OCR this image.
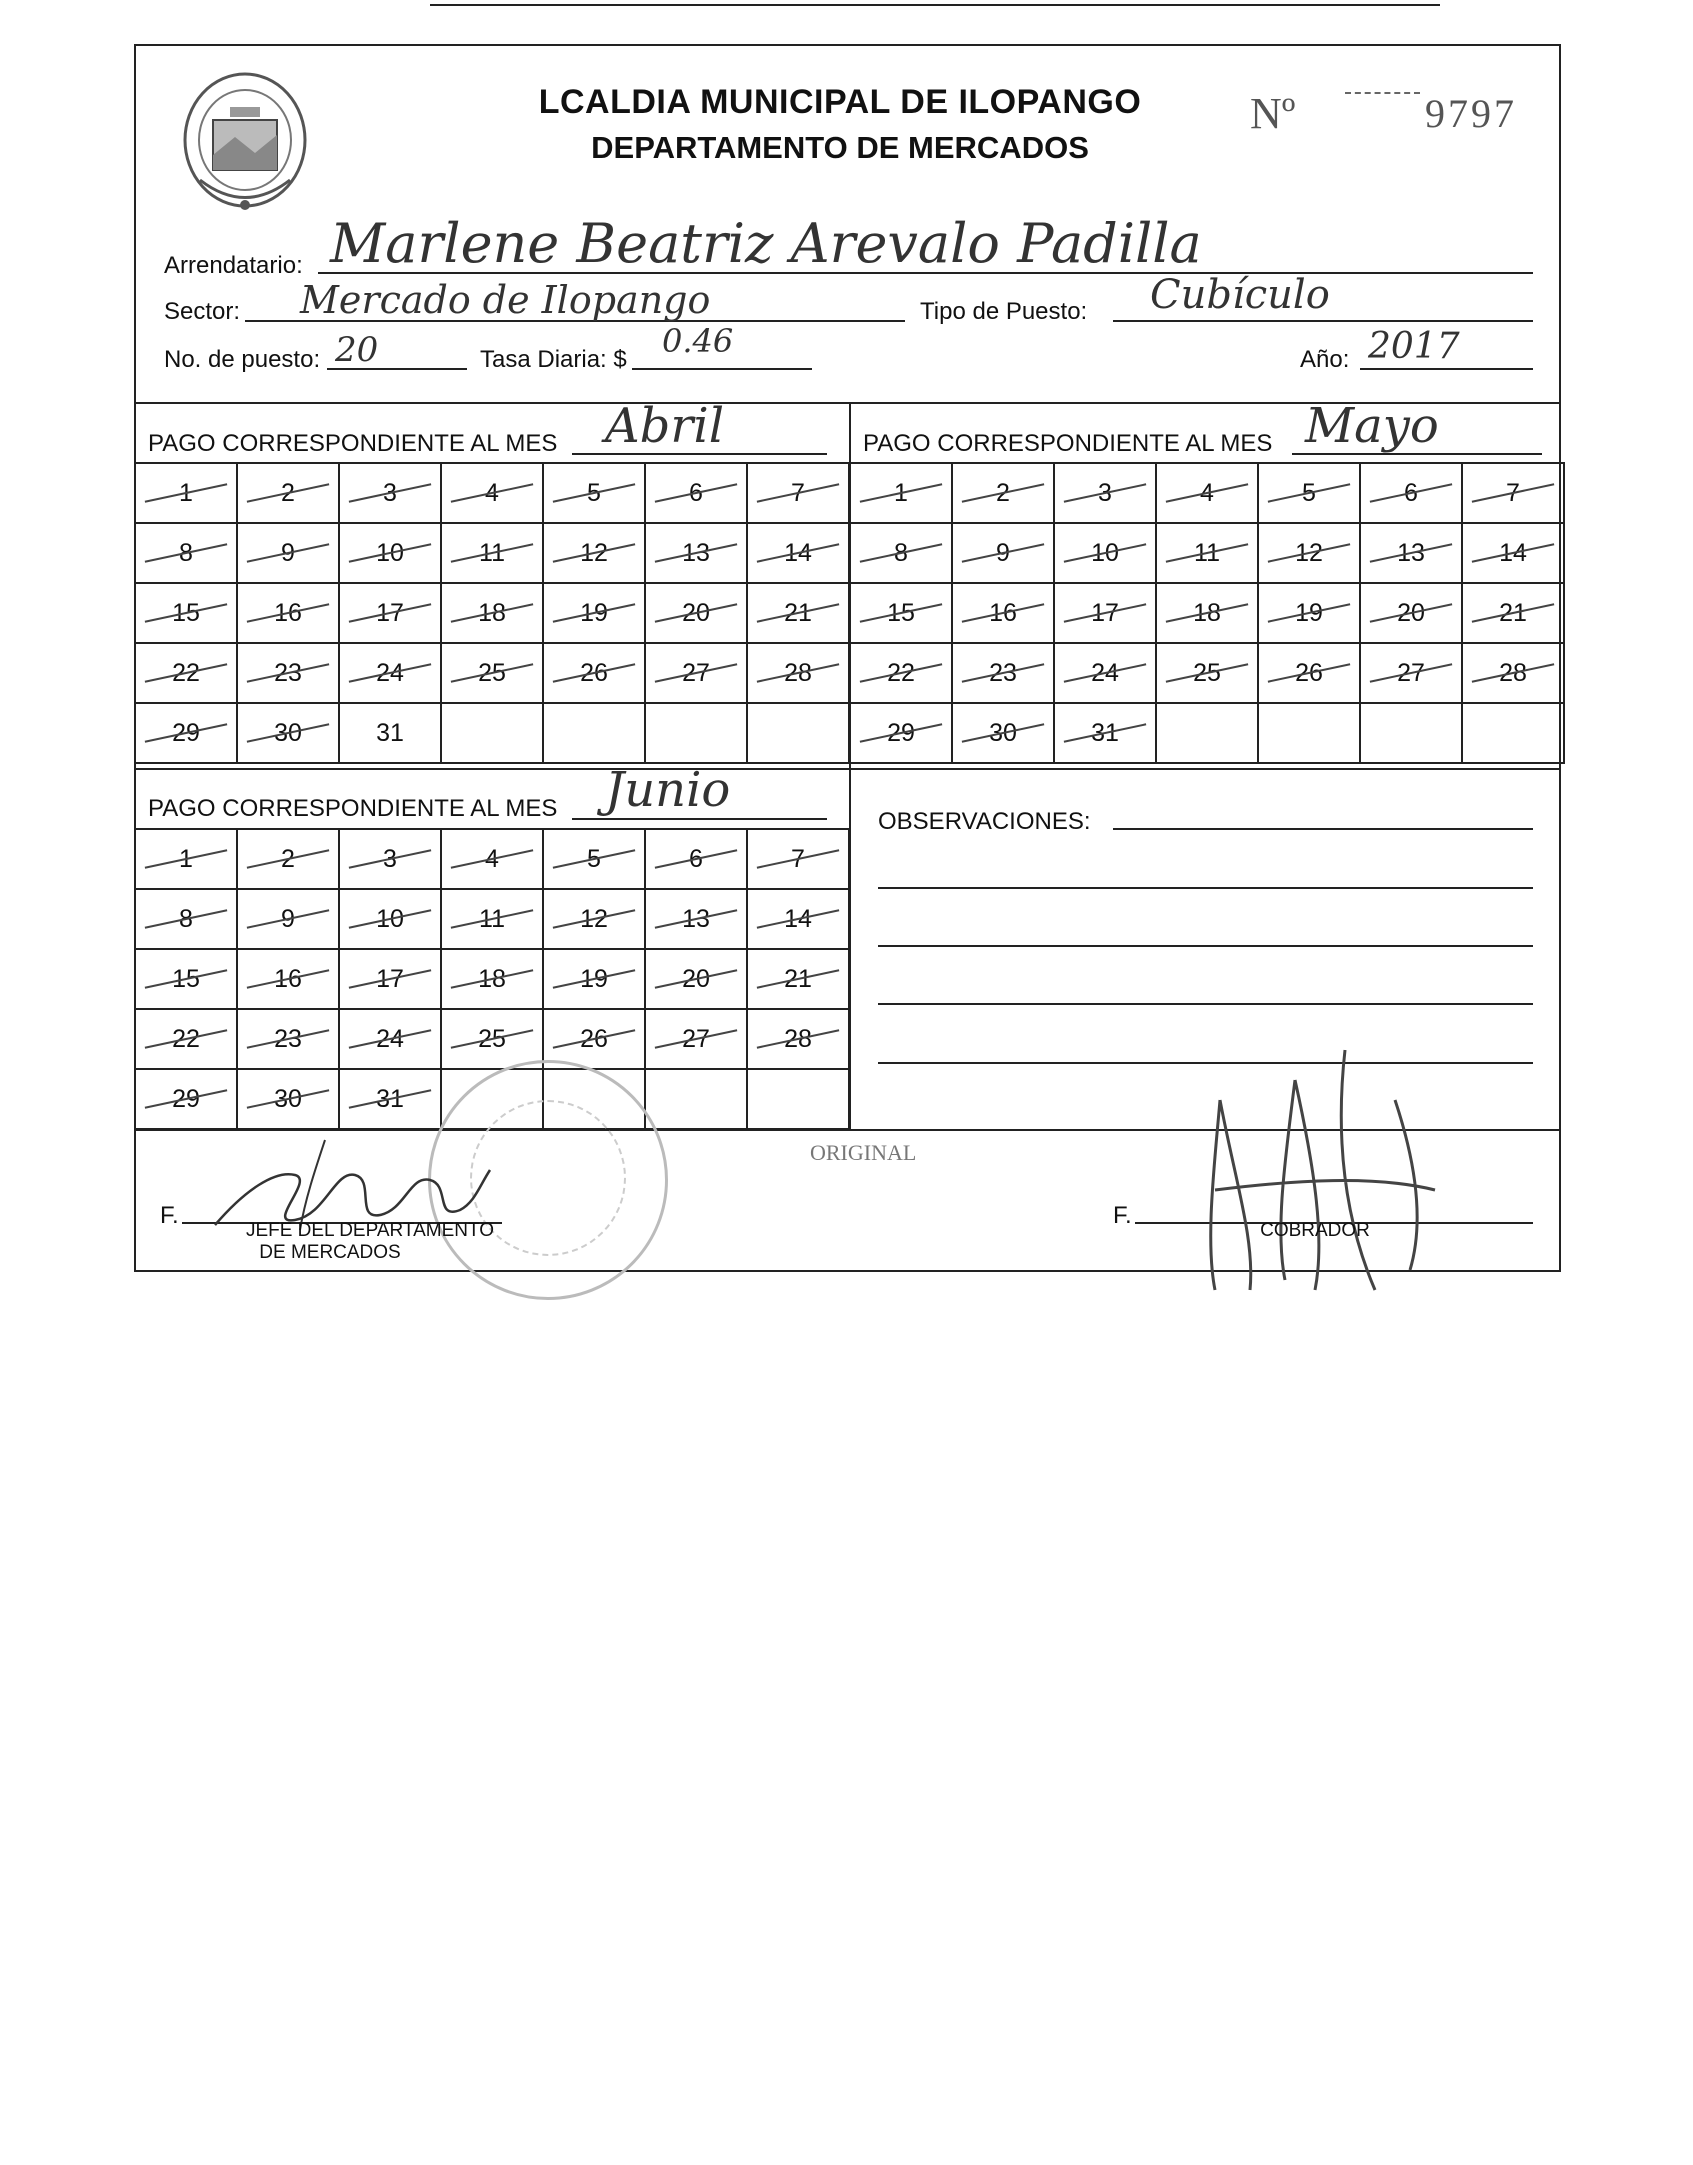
LCALDIA MUNICIPAL DE ILOPANGO
DEPARTAMENTO DE MERCADOS
Nº	9797
Arrendatario: Marlene Beatriz Arevalo Padilla
Sector: Mercado de Ilopango	Tipo de Puesto: Cubículo
No. de puesto: 20	Tasa Diaria: $ 0.46	Año: 2017
PAGO CORRESPONDIENTE AL MES Abril
1	2	3	4	5	6	7

8	9	10	11	12	13	14

15	16	17	18	19	20	21

22	23	24	25	26	27	28

29	30	31				
PAGO CORRESPONDIENTE AL MES Mayo
1	2	3	4	5	6	7

8	9	10	11	12	13	14

15	16	17	18	19	20	21

22	23	24	25	26	27	28

29	30	31

PAGO CORRESPONDIENTE AL MES Junio
1	2	3	4	5	6	7

8	9	10	11	12	13	14

15	16	17	18	19	20	21

22	23	24	25	26	27	28

29	30	31

OBSERVACIONES:
ORIGINAL
F.
JEFE DEL DEPARTAMENTO
DE MERCADOS
F.
COBRADOR
